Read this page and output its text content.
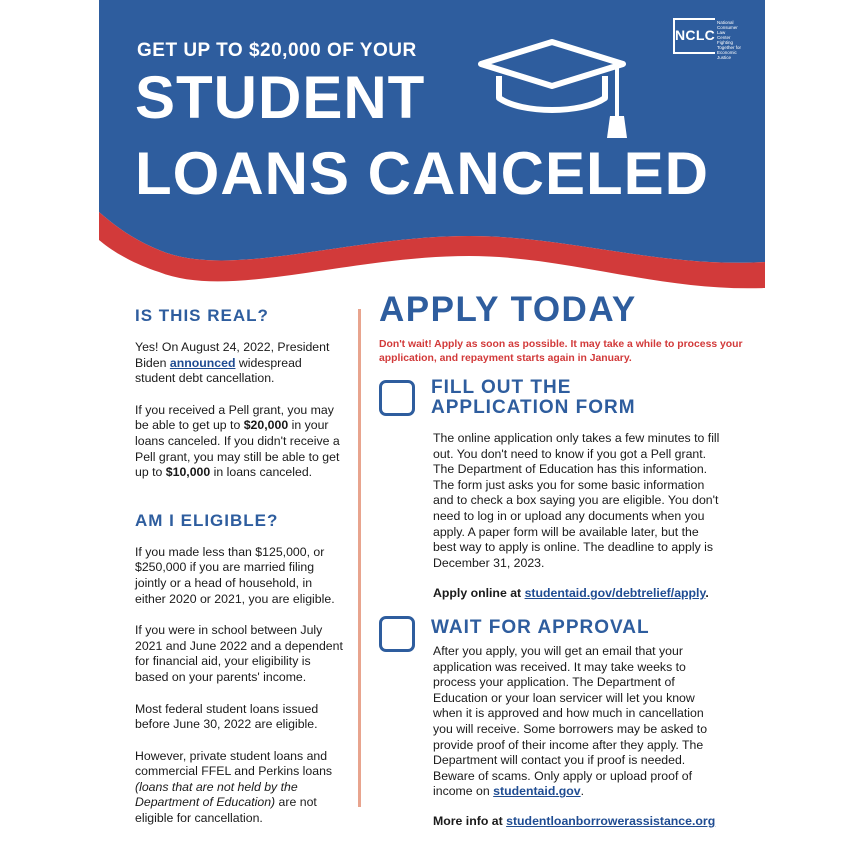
GET UP TO $20,000 OF YOUR
STUDENT
LOANS CANCELED
NCLC
National
Consumer Law
Center
Fighting Together for Economic Justice
IS THIS REAL?

Yes! On August 24, 2022, President Biden announced widespread student debt cancellation.

If you received a Pell grant, you may be able to get up to $20,000 in your loans canceled. If you didn't receive a Pell grant, you may still be able to get up to $10,000 in loans canceled.

AM I ELIGIBLE?

If you made less than $125,000, or $250,000 if you are married filing jointly or a head of household, in either 2020 or 2021, you are eligible.

If you were in school between July 2021 and June 2022 and a dependent for financial aid, your eligibility is based on your parents' income.

Most federal student loans issued before June 30, 2022 are eligible.

However, private student loans and commercial FFEL and Perkins loans (loans that are not held by the Department of Education) are not eligible for cancellation.

APPLY TODAY
Don't wait! Apply as soon as possible. It may take a while to process your application, and repayment starts again in January.
FILL OUT THE
APPLICATION FORM

The online application only takes a few minutes to fill out. You don't need to know if you got a Pell grant. The Department of Education has this information. The form just asks you for some basic information and to check a box saying you are eligible. You don't need to log in or upload any documents when you apply. A paper form will be available later, but the best way to apply is online. The deadline to apply is December 31, 2023.

Apply online at studentaid.gov/debtrelief/apply.
WAIT FOR APPROVAL

After you apply, you will get an email that your application was received. It may take weeks to process your application. The Department of Education or your loan servicer will let you know when it is approved and how much in cancellation you will receive. Some borrowers may be asked to provide proof of their income after they apply. The Department will contact you if proof is needed. Beware of scams. Only apply or upload proof of income on studentaid.gov.

More info at studentloanborrowerassistance.org
